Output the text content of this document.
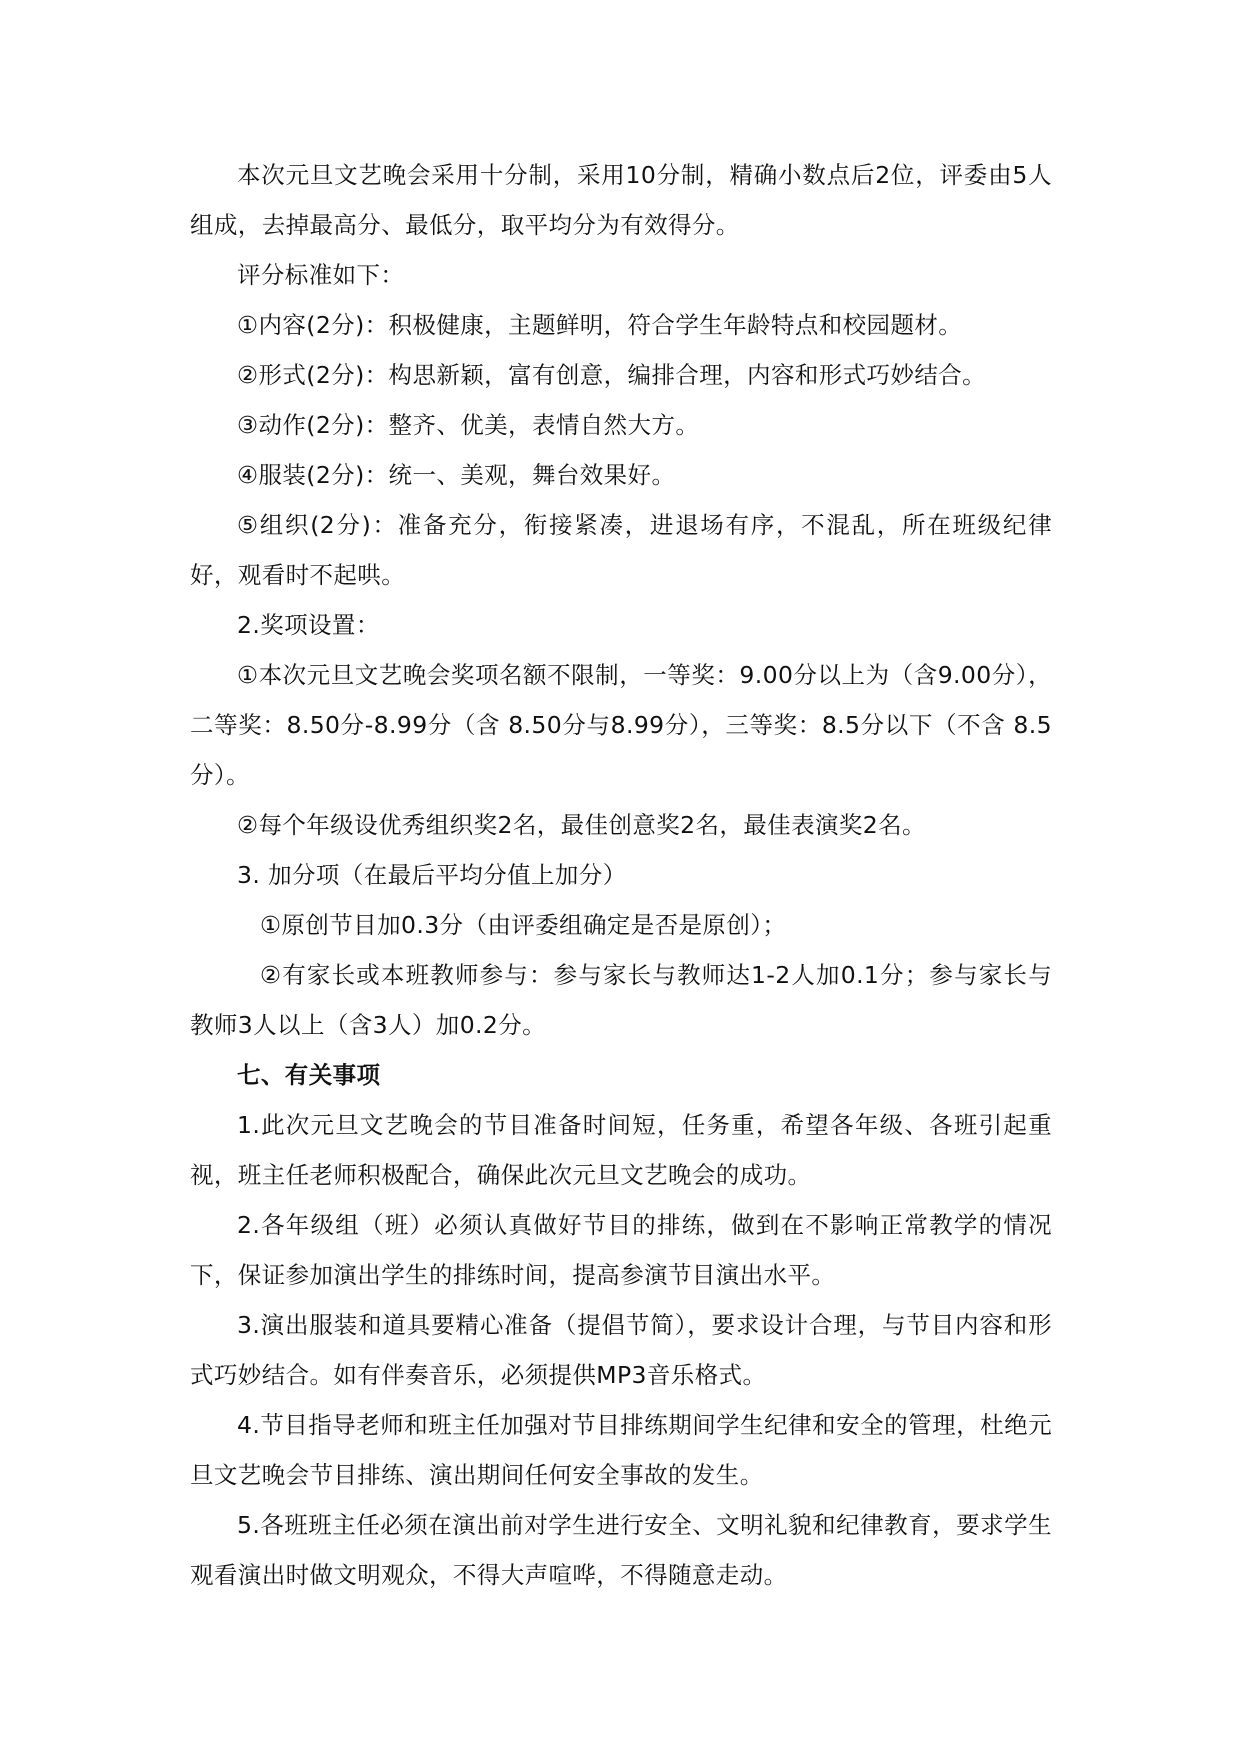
本次元旦文艺晚会采用十分制，采用10分制，精确小数点后2位，评委由5人组成，去掉最高分、最低分，取平均分为有效得分。

评分标准如下：

①内容(2分)：积极健康，主题鲜明，符合学生年龄特点和校园题材。

②形式(2分)：构思新颖，富有创意，编排合理，内容和形式巧妙结合。

③动作(2分)：整齐、优美，表情自然大方。

④服装(2分)：统一、美观，舞台效果好。

⑤组织(2分)：准备充分，衔接紧凑，进退场有序，不混乱，所在班级纪律好，观看时不起哄。

2.奖项设置：

①本次元旦文艺晚会奖项名额不限制，一等奖：9.00分以上为（含9.00分），二等奖：8.50分-8.99分（含 8.50分与8.99分），三等奖：8.5分以下（不含 8.5分）。

②每个年级设优秀组织奖2名，最佳创意奖2名，最佳表演奖2名。

3. 加分项（在最后平均分值上加分）

①原创节目加0.3分（由评委组确定是否是原创）；

②有家长或本班教师参与：参与家长与教师达1-2人加0.1分；参与家长与教师3人以上（含3人）加0.2分。

七、有关事项

1.此次元旦文艺晚会的节目准备时间短，任务重，希望各年级、各班引起重视，班主任老师积极配合，确保此次元旦文艺晚会的成功。

2.各年级组（班）必须认真做好节目的排练，做到在不影响正常教学的情况下，保证参加演出学生的排练时间，提高参演节目演出水平。

3.演出服装和道具要精心准备（提倡节简），要求设计合理，与节目内容和形式巧妙结合。如有伴奏音乐，必须提供MP3音乐格式。

4.节目指导老师和班主任加强对节目排练期间学生纪律和安全的管理，杜绝元旦文艺晚会节目排练、演出期间任何安全事故的发生。

5.各班班主任必须在演出前对学生进行安全、文明礼貌和纪律教育，要求学生观看演出时做文明观众，不得大声喧哗，不得随意走动。
